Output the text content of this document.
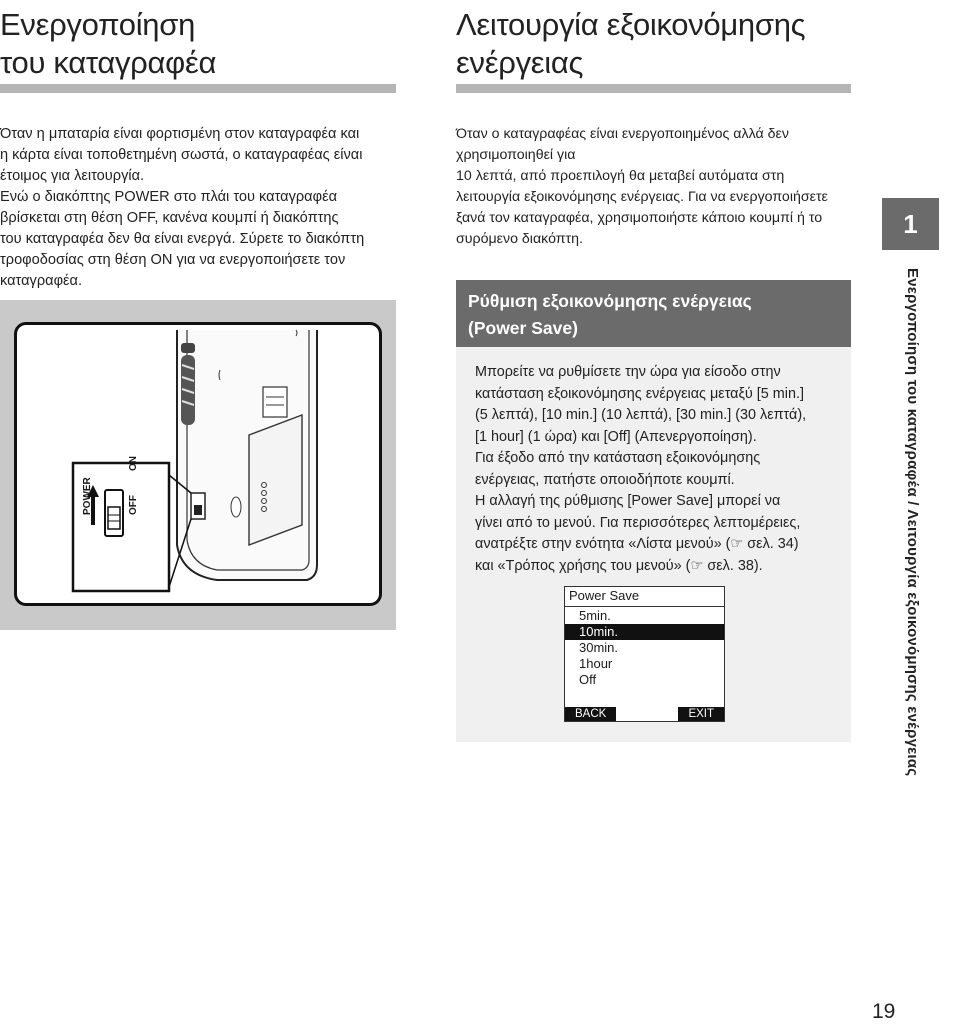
Ενεργοποίηση
του καταγραφέα
Όταν η μπαταρία είναι φορτισμένη στον καταγραφέα και
η κάρτα είναι τοποθετημένη σωστά, ο καταγραφέας είναι
έτοιμος για λειτουργία.
Ενώ ο διακόπτης POWER στο πλάι του καταγραφέα
βρίσκεται στη θέση OFF, κανένα κουμπί ή διακόπτης
του καταγραφέα δεν θα είναι ενεργά. Σύρετε το διακόπτη
τροφοδοσίας στη θέση ON για να ενεργοποιήσετε τον
καταγραφέα.
POWER	OFF
ON
Λειτουργία εξοικονόμησης
ενέργειας
Όταν ο καταγραφέας είναι ενεργοποιημένος αλλά δεν
χρησιμοποιηθεί για
10 λεπτά, από προεπιλογή θα μεταβεί αυτόματα στη
λειτουργία εξοικονόμησης ενέργειας. Για να ενεργοποιήσετε
ξανά τον καταγραφέα, χρησιμοποιήστε κάποιο κουμπί ή το
συρόμενο διακόπτη.
Ρύθμιση εξοικονόμησης ενέργειας
(Power Save)
Μπορείτε να ρυθμίσετε την ώρα για είσοδο στην
κατάσταση εξοικονόμησης ενέργειας μεταξύ [5 min.]
(5 λεπτά), [10 min.] (10 λεπτά), [30 min.] (30 λεπτά),
[1 hour] (1 ώρα) και [Off] (Απενεργοποίηση).
Για έξοδο από την κατάσταση εξοικονόμησης
ενέργειας, πατήστε οποιοδήποτε κουμπί.
Η αλλαγή της ρύθμισης [Power Save] μπορεί να
γίνει από το μενού. Για περισσότερες λεπτομέρειες,
ανατρέξτε στην ενότητα «Λίστα μενού» (☞ σελ. 34)
και «Τρόπος χρήσης του μενού» (☞ σελ. 38).
Power Save
5min.
10min.
30min.
1hour
Off
BACK	EXIT
1
Ενεργοποίηση του καταγραφέα / Λειτουργία εξοικονόμησης ενέργειας
19
